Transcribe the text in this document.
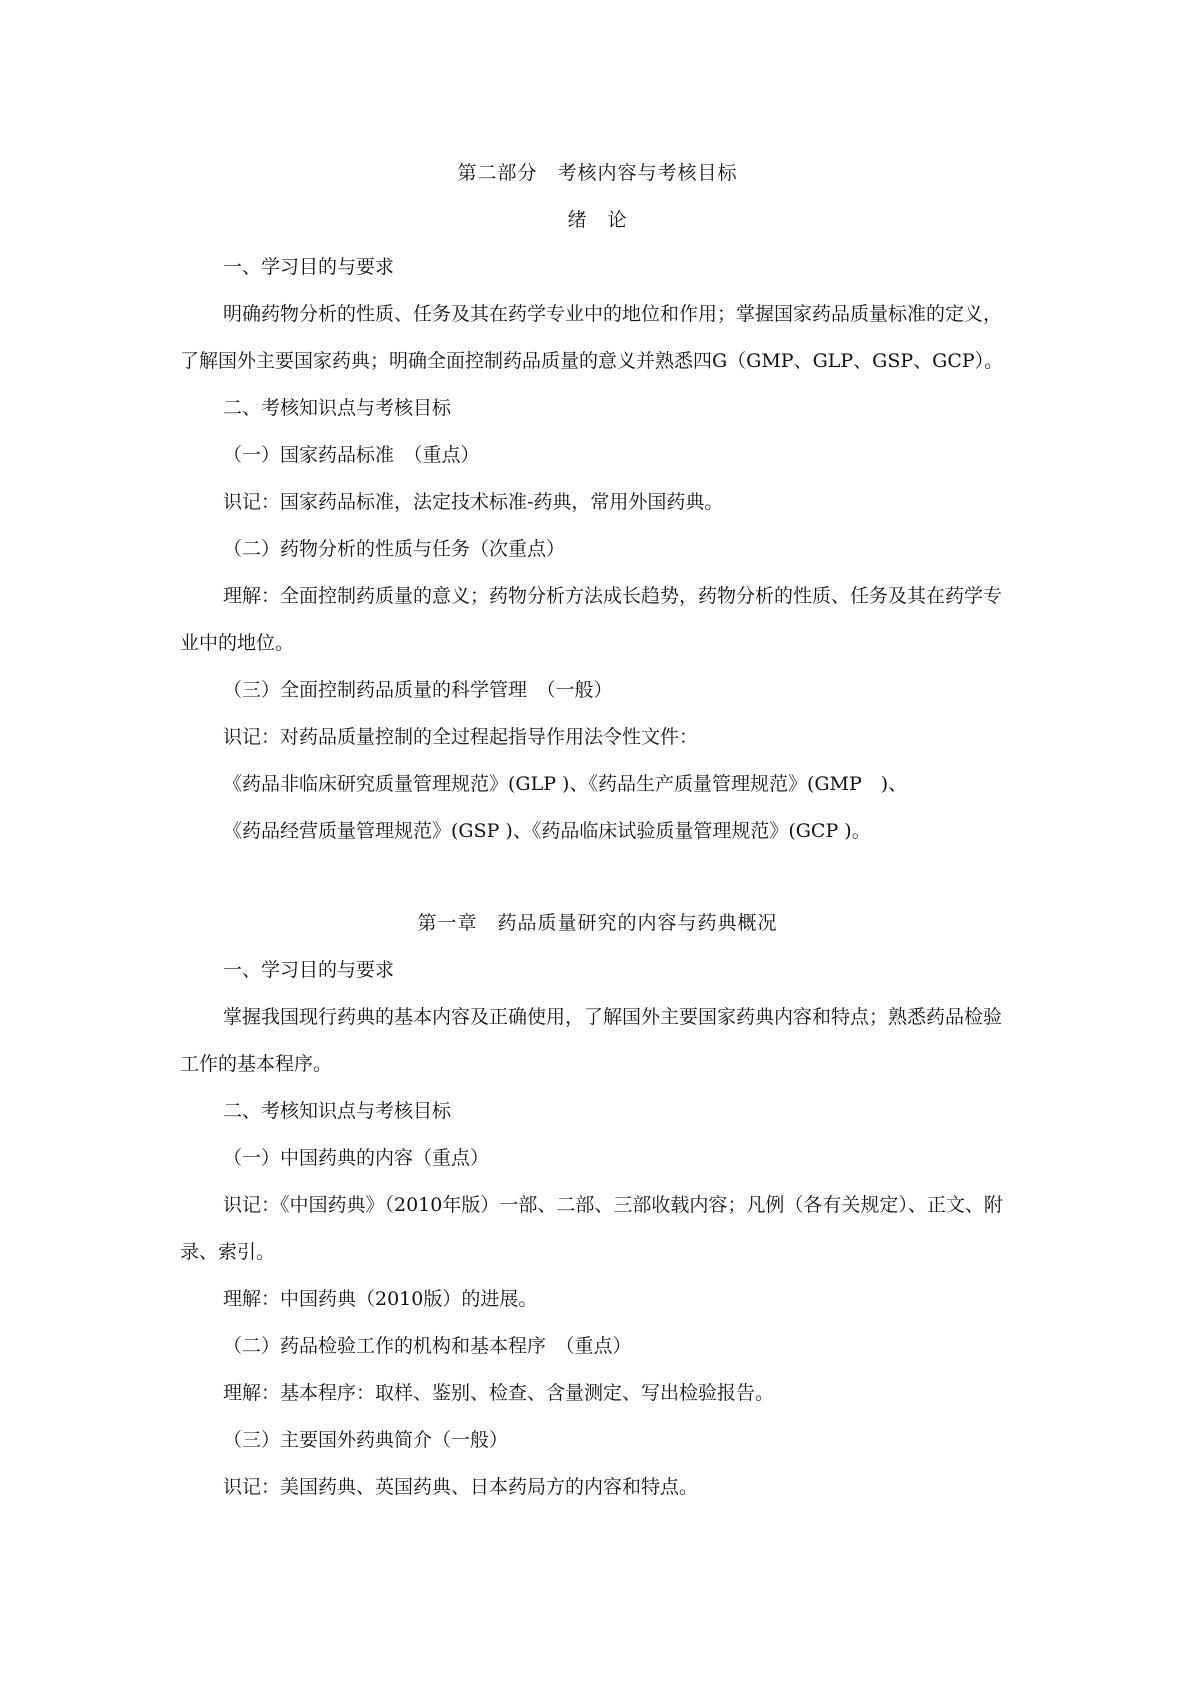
第二部分　考核内容与考核目标
绪　论
一、学习目的与要求
明确药物分析的性质、任务及其在药学专业中的地位和作用；掌握国家药品质量标准的定义，了解国外主要国家药典；明确全面控制药品质量的意义并熟悉四G（GMP、GLP、GSP、GCP）。
二、考核知识点与考核目标
（一）国家药品标准　（重点）
识记：国家药品标准，法定技术标准-药典，常用外国药典。
（二）药物分析的性质与任务（次重点）
理解：全面控制药质量的意义；药物分析方法成长趋势，药物分析的性质、任务及其在药学专业中的地位。
（三）全面控制药品质量的科学管理　（一般）
识记：对药品质量控制的全过程起指导作用法令性文件：
《药品非临床研究质量管理规范》(GLP )、《药品生产质量管理规范》(GMP　)、
《药品经营质量管理规范》(GSP )、《药品临床试验质量管理规范》(GCP )。
第一章　药品质量研究的内容与药典概况
一、学习目的与要求
掌握我国现行药典的基本内容及正确使用，了解国外主要国家药典内容和特点；熟悉药品检验工作的基本程序。
二、考核知识点与考核目标
（一）中国药典的内容（重点）
识记：《中国药典》（2010年版）一部、二部、三部收载内容；凡例（各有关规定）、正文、附录、索引。
理解：中国药典（2010版）的进展。
（二）药品检验工作的机构和基本程序　（重点）
理解：基本程序：取样、鉴别、检查、含量测定、写出检验报告。
（三）主要国外药典简介（一般）
识记：美国药典、英国药典、日本药局方的内容和特点。
